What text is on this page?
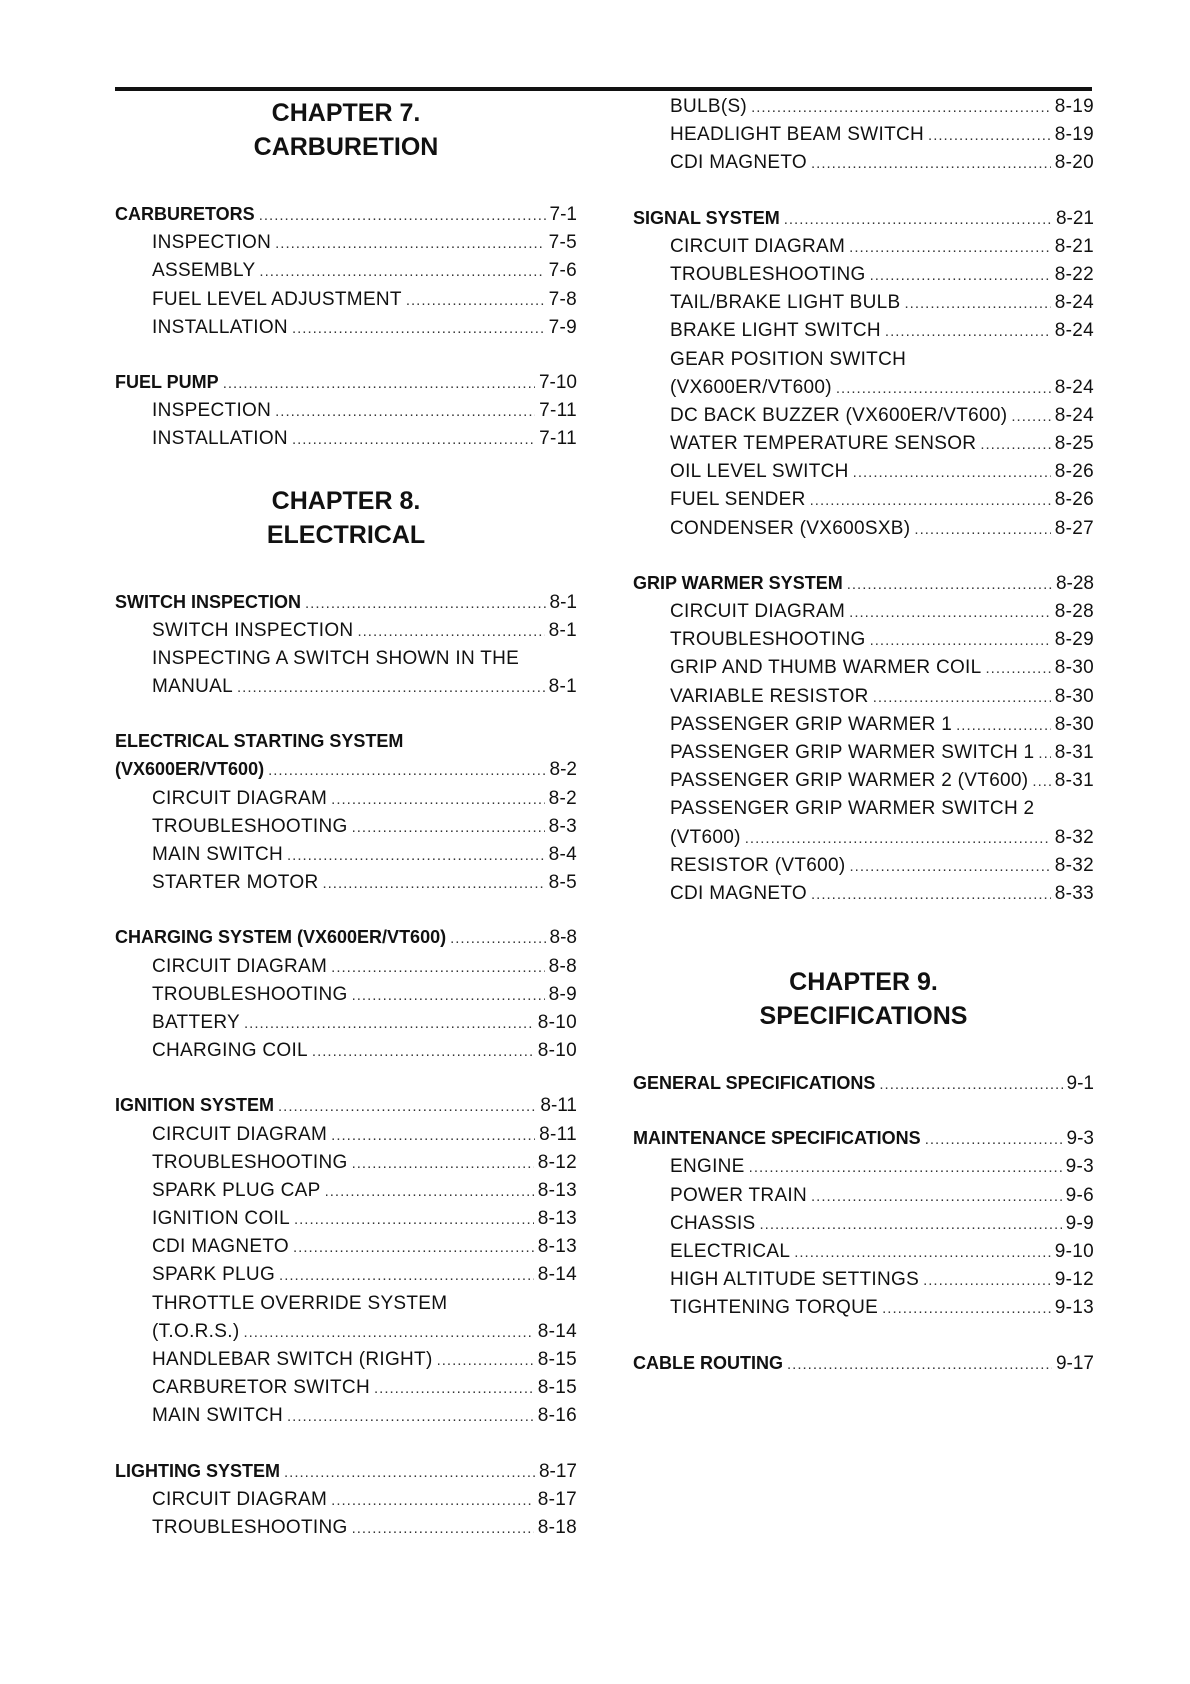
CHAPTER 7.
CARBURETION
CARBURETORS .....	7-1
INSPECTION .....	7-5
ASSEMBLY .....	7-6
FUEL LEVEL ADJUSTMENT .....	7-8
INSTALLATION .....	7-9
FUEL PUMP .....	7-10
INSPECTION .....	7-11
INSTALLATION .....	7-11
CHAPTER 8.
ELECTRICAL
SWITCH INSPECTION .....	8-1
SWITCH INSPECTION .....	8-1
INSPECTING A SWITCH SHOWN IN THE
MANUAL .....	8-1
ELECTRICAL STARTING SYSTEM
(VX600ER/VT600) .....	8-2
CIRCUIT DIAGRAM .....	8-2
TROUBLESHOOTING .....	8-3
MAIN SWITCH .....	8-4
STARTER MOTOR .....	8-5
CHARGING SYSTEM (VX600ER/VT600) .....	8-8
CIRCUIT DIAGRAM .....	8-8
TROUBLESHOOTING .....	8-9
BATTERY .....	8-10
CHARGING COIL .....	8-10
IGNITION SYSTEM .....	8-11
CIRCUIT DIAGRAM .....	8-11
TROUBLESHOOTING .....	8-12
SPARK PLUG CAP .....	8-13
IGNITION COIL .....	8-13
CDI MAGNETO .....	8-13
SPARK PLUG .....	8-14
THROTTLE OVERRIDE SYSTEM
(T.O.R.S.) .....	8-14
HANDLEBAR SWITCH (RIGHT) .....	8-15
CARBURETOR SWITCH .....	8-15
MAIN SWITCH .....	8-16
LIGHTING SYSTEM .....	8-17
CIRCUIT DIAGRAM .....	8-17
TROUBLESHOOTING .....	8-18
BULB(S) .....	8-19
HEADLIGHT BEAM SWITCH .....	8-19
CDI MAGNETO .....	8-20
SIGNAL SYSTEM .....	8-21
CIRCUIT DIAGRAM .....	8-21
TROUBLESHOOTING .....	8-22
TAIL/BRAKE LIGHT BULB .....	8-24
BRAKE LIGHT SWITCH .....	8-24
GEAR POSITION SWITCH
(VX600ER/VT600) .....	8-24
DC BACK BUZZER (VX600ER/VT600) ..... 8-24
WATER TEMPERATURE SENSOR .....	8-25
OIL LEVEL SWITCH .....	8-26
FUEL SENDER .....	8-26
CONDENSER (VX600SXB) .....	8-27
GRIP WARMER SYSTEM .....	8-28
CIRCUIT DIAGRAM .....	8-28
TROUBLESHOOTING .....	8-29
GRIP AND THUMB WARMER COIL .....	8-30
VARIABLE RESISTOR .....	8-30
PASSENGER GRIP WARMER 1 .....	8-30
PASSENGER GRIP WARMER SWITCH 1 ..... 8-31
PASSENGER GRIP WARMER 2 (VT600) ..... 8-31
PASSENGER GRIP WARMER SWITCH 2
(VT600) .....	8-32
RESISTOR (VT600) .....	8-32
CDI MAGNETO .....	8-33
CHAPTER 9.
SPECIFICATIONS
GENERAL SPECIFICATIONS .....	9-1
MAINTENANCE SPECIFICATIONS .....	9-3
ENGINE .....	9-3
POWER TRAIN .....	9-6
CHASSIS .....	9-9
ELECTRICAL .....	9-10
HIGH ALTITUDE SETTINGS .....	9-12
TIGHTENING TORQUE .....	9-13
CABLE ROUTING .....	9-17
